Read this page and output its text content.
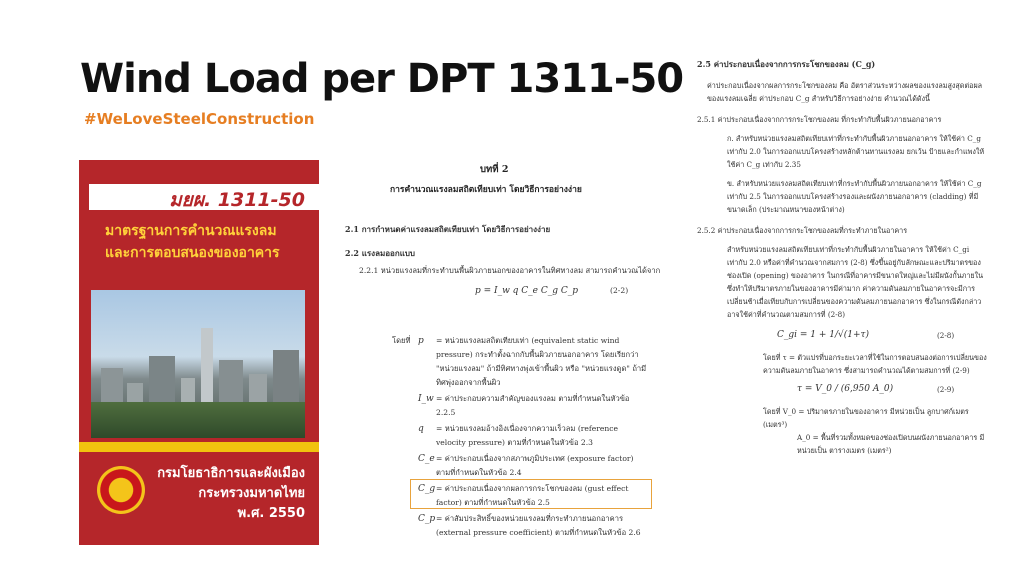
Wind Load per DPT 1311-50
#WeLoveSteelConstruction
มยผ. 1311-50
มาตรฐานการคำนวณแรงลม
และการตอบสนองของอาคาร
กรมโยธาธิการและผังเมือง
กระทรวงมหาดไทย
พ.ศ. 2550
บทที่ 2
การคำนวณแรงลมสถิตเทียบเท่า โดยวิธีการอย่างง่าย
2.1 การกำหนดค่าแรงลมสถิตเทียบเท่า โดยวิธีการอย่างง่าย
2.2 แรงลมออกแบบ
2.2.1 หน่วยแรงลมที่กระทำบนพื้นผิวภายนอกของอาคารในทิศทางลม สามารถคำนวณได้จาก
p = I_w q C_e C_g C_p	(2-2)
โดยที่ p	= หน่วยแรงลมสถิตเทียบเท่า (equivalent static wind pressure) กระทำตั้งฉากกับพื้นผิวภายนอกอาคาร โดยเรียกว่า "หน่วยแรงลม" ถ้ามีทิศทางพุ่งเข้าพื้นผิว หรือ "หน่วยแรงดูด" ถ้ามีทิศพุ่งออกจากพื้นผิว
I_w = ค่าประกอบความสำคัญของแรงลม ตามที่กำหนดในหัวข้อ 2.2.5
q	= หน่วยแรงลมอ้างอิงเนื่องจากความเร็วลม (reference velocity pressure) ตามที่กำหนดในหัวข้อ 2.3
C_e = ค่าประกอบเนื่องจากสภาพภูมิประเทศ (exposure factor) ตามที่กำหนดในหัวข้อ 2.4
C_g = ค่าประกอบเนื่องจากผลการกระโชกของลม (gust effect factor) ตามที่กำหนดในหัวข้อ 2.5
C_p = ค่าสัมประสิทธิ์ของหน่วยแรงลมที่กระทำภายนอกอาคาร (external pressure coefficient) ตามที่กำหนดในหัวข้อ 2.6
2.5 ค่าประกอบเนื่องจากการกระโชกของลม (C_g)
ค่าประกอบเนื่องจากผลการกระโชกของลม คือ อัตราส่วนระหว่างผลของแรงลมสูงสุดต่อผลของแรงลมเฉลี่ย ค่าประกอบ C_g สำหรับวิธีการอย่างง่าย คำนวณได้ดังนี้
2.5.1 ค่าประกอบเนื่องจากการกระโชกของลม ที่กระทำกับพื้นผิวภายนอกอาคาร
ก. สำหรับหน่วยแรงลมสถิตเทียบเท่าที่กระทำกับพื้นผิวภายนอกอาคาร ให้ใช้ค่า C_g เท่ากับ 2.0 ในการออกแบบโครงสร้างหลักต้านทานแรงลม ยกเว้น ป้ายและกำแพงให้ใช้ค่า C_g เท่ากับ 2.35
ข. สำหรับหน่วยแรงลมสถิตเทียบเท่าที่กระทำกับพื้นผิวภายนอกอาคาร ให้ใช้ค่า C_g เท่ากับ 2.5 ในการออกแบบโครงสร้างรองและผนังภายนอกอาคาร (cladding) ที่มีขนาดเล็ก (ประมาณหนาของหน้าต่าง)
2.5.2 ค่าประกอบเนื่องจากการกระโชกของลมที่กระทำภายในอาคาร
สำหรับหน่วยแรงลมสถิตเทียบเท่าที่กระทำกับพื้นผิวภายในอาคาร ให้ใช้ค่า C_gi เท่ากับ 2.0 หรือค่าที่คำนวณจากสมการ (2-8) ซึ่งขึ้นอยู่กับลักษณะและปริมาตรของช่องเปิด (opening) ของอาคาร ในกรณีที่อาคารมีขนาดใหญ่และไม่มีผนังกั้นภายในซึ่งทำให้ปริมาตรภายในของอาคารมีค่ามาก ค่าความดันลมภายในอาคารจะมีการเปลี่ยนช้าเมื่อเทียบกับการเปลี่ยนของความดันลมภายนอกอาคาร ซึ่งในกรณีดังกล่าว อาจใช้ค่าที่คำนวณตามสมการที่ (2-8)
C_gi = 1 + 1/√(1+τ)	(2-8)
โดยที่ τ = ตัวแปรที่บอกระยะเวลาที่ใช้ในการตอบสนองต่อการเปลี่ยนของความดันลมภายในอาคาร ซึ่งสามารถคำนวณได้ตามสมการที่ (2-9)
τ = V_0 / (6,950 A_0)	(2-9)
โดยที่ V_0 = ปริมาตรภายในของอาคาร มีหน่วยเป็น ลูกบาศก์เมตร (เมตร³)
A_0 = พื้นที่รวมทั้งหมดของช่องเปิดบนผนังภายนอกอาคาร มีหน่วยเป็น ตารางเมตร (เมตร²)
